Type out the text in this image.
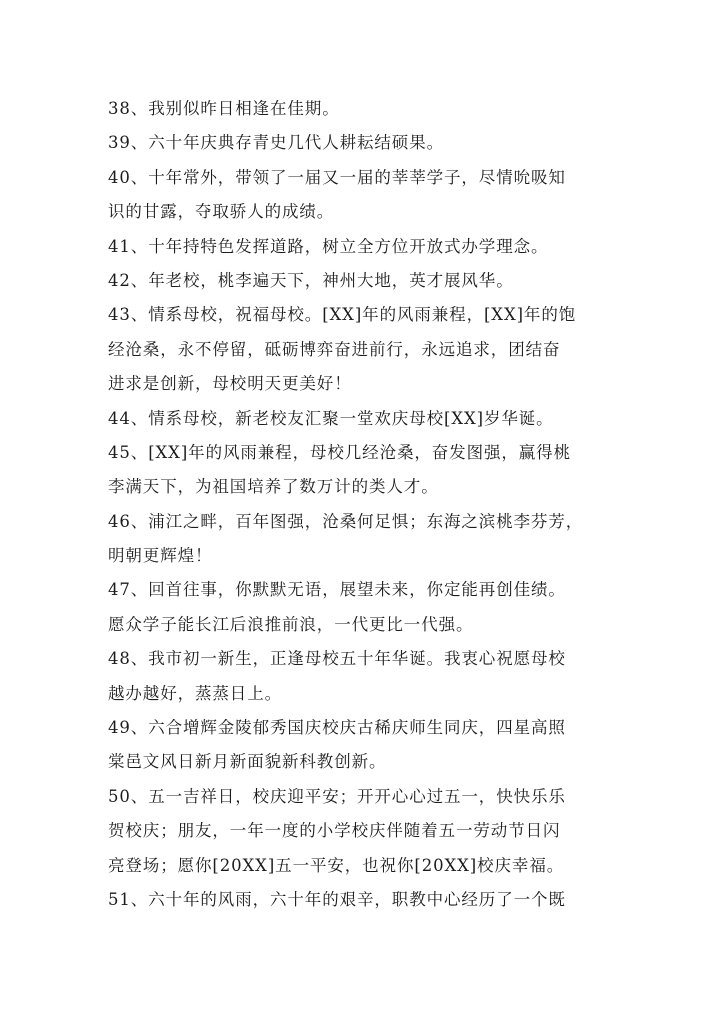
38、我别似昨日相逢在佳期。
39、六十年庆典存青史几代人耕耘结硕果。
40、十年常外，带领了一届又一届的莘莘学子，尽情吮吸知
识的甘露，夺取骄人的成绩。
41、十年持特色发挥道路，树立全方位开放式办学理念。
42、年老校，桃李遍天下，神州大地，英才展风华。
43、情系母校，祝福母校。[XX]年的风雨兼程，[XX]年的饱
经沧桑，永不停留，砥砺博弈奋进前行，永远追求，团结奋
进求是创新，母校明天更美好！
44、情系母校，新老校友汇聚一堂欢庆母校[XX]岁华诞。
45、[XX]年的风雨兼程，母校几经沧桑，奋发图强，赢得桃
李满天下，为祖国培养了数万计的类人才。
46、浦江之畔，百年图强，沧桑何足惧；东海之滨桃李芬芳，
明朝更辉煌！
47、回首往事，你默默无语，展望未来，你定能再创佳绩。
愿众学子能长江后浪推前浪，一代更比一代强。
48、我市初一新生，正逢母校五十年华诞。我衷心祝愿母校
越办越好，蒸蒸日上。
49、六合增辉金陵郁秀国庆校庆古稀庆师生同庆，四星高照
棠邑文风日新月新面貌新科教创新。
50、五一吉祥日，校庆迎平安；开开心心过五一，快快乐乐
贺校庆；朋友，一年一度的小学校庆伴随着五一劳动节日闪
亮登场；愿你[20XX]五一平安，也祝你[20XX]校庆幸福。
51、六十年的风雨，六十年的艰辛，职教中心经历了一个既
